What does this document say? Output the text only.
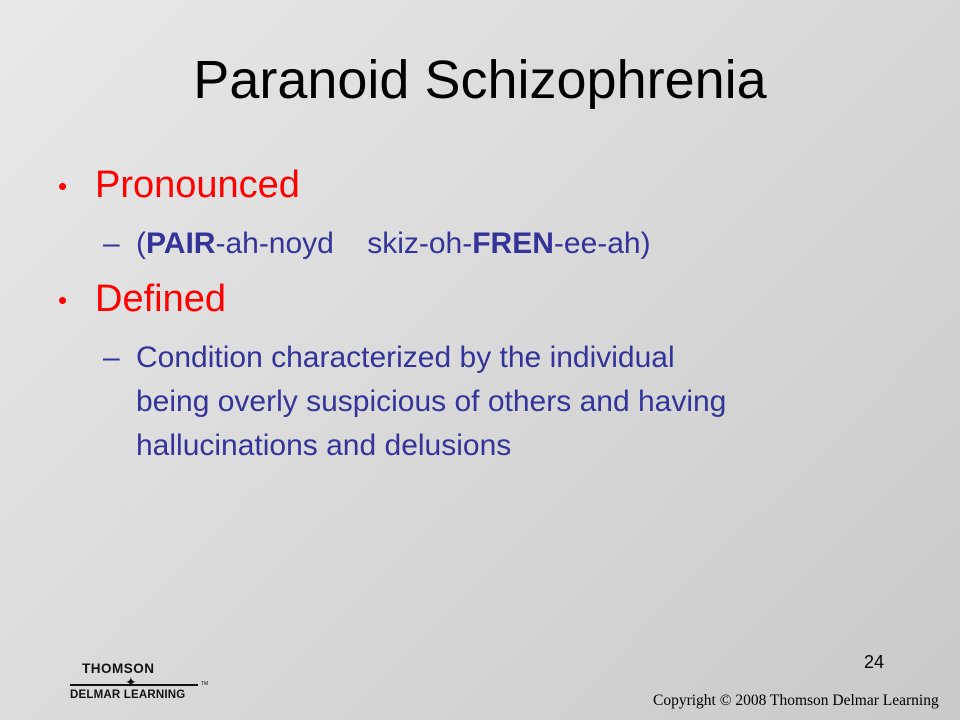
Paranoid Schizophrenia
• Pronounced
– (PAIR-ah-noyd    skiz-oh-FREN-ee-ah)
• Defined
– Condition characterized by the individual
being overly suspicious of others and having
hallucinations and delusions
24
THOMSON
✦
DELMAR LEARNING
TM
Copyright © 2008 Thomson Delmar Learning
